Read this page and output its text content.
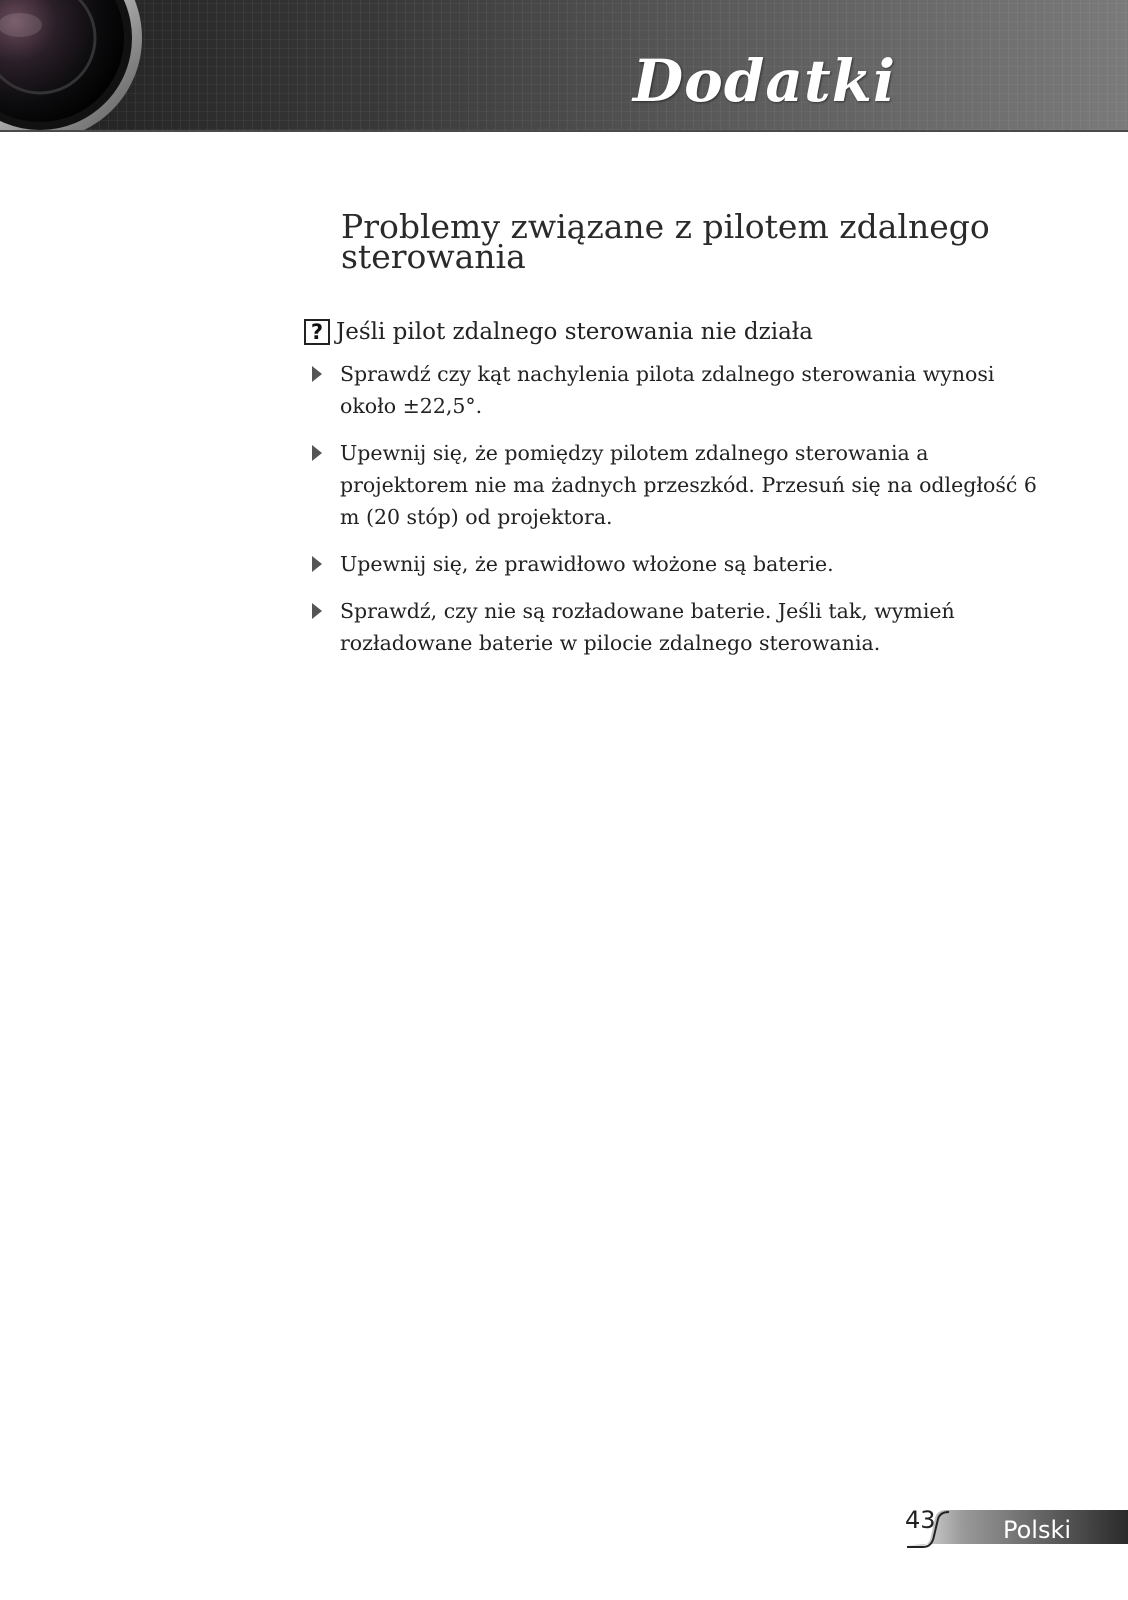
Dodatki
Problemy związane z pilotem zdalnego sterowania
? Jeśli pilot zdalnego sterowania nie działa
Sprawdź czy kąt nachylenia pilota zdalnego sterowania wynosi około ±22,5°.
Upewnij się, że pomiędzy pilotem zdalnego sterowania a projektorem nie ma żadnych przeszkód. Przesuń się na odległość 6 m (20 stóp) od projektora.
Upewnij się, że prawidłowo włożone są baterie.
Sprawdź, czy nie są rozładowane baterie. Jeśli tak, wymień rozładowane baterie w pilocie zdalnego sterowania.
43	Polski
